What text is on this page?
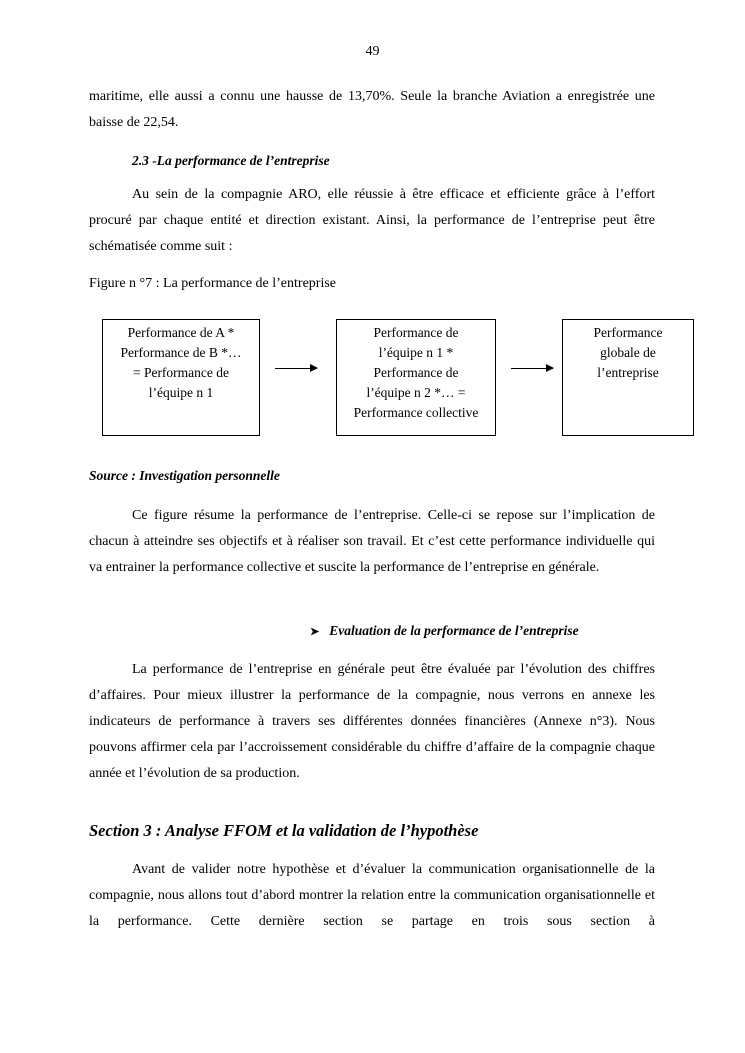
49

maritime, elle aussi a connu une hausse de 13,70%. Seule la branche Aviation a enregistrée une baisse de 22,54.

2.3 -La performance de l’entreprise

Au sein de la compagnie ARO, elle réussie à être efficace et efficiente grâce à l’effort procuré par chaque entité et direction existant. Ainsi, la performance de l’entreprise peut être schématisée comme suit :

Figure n °7 : La performance de l’entreprise

Performance de A *
Performance de B *…
= Performance de
l’équipe n 1
Performance de
l’équipe n 1 *
Performance de
l’équipe n 2 *… =
Performance collective
Performance
globale de
l’entreprise

Source : Investigation personnelle

Ce figure résume la performance de l’entreprise. Celle-ci se repose sur l’implication de chacun à atteindre ses objectifs et à réaliser son travail. Et c’est cette performance individuelle qui va entrainer la performance collective et suscite la performance de l’entreprise en générale.

➤ Evaluation de la performance de l’entreprise

La performance de l’entreprise en générale peut être évaluée par l’évolution des chiffres d’affaires. Pour mieux illustrer la performance de la compagnie, nous verrons en annexe les indicateurs de performance à travers ses différentes données financières (Annexe n°3). Nous pouvons affirmer cela par l’accroissement considérable du chiffre d’affaire de la compagnie chaque année et l’évolution de sa production.

Section 3 : Analyse FFOM et la validation de l’hypothèse

Avant de valider notre hypothèse et d’évaluer la communication organisationnelle de la compagnie, nous allons tout d’abord montrer la relation entre la communication organisationnelle et la performance. Cette dernière section se partage en trois sous section à
